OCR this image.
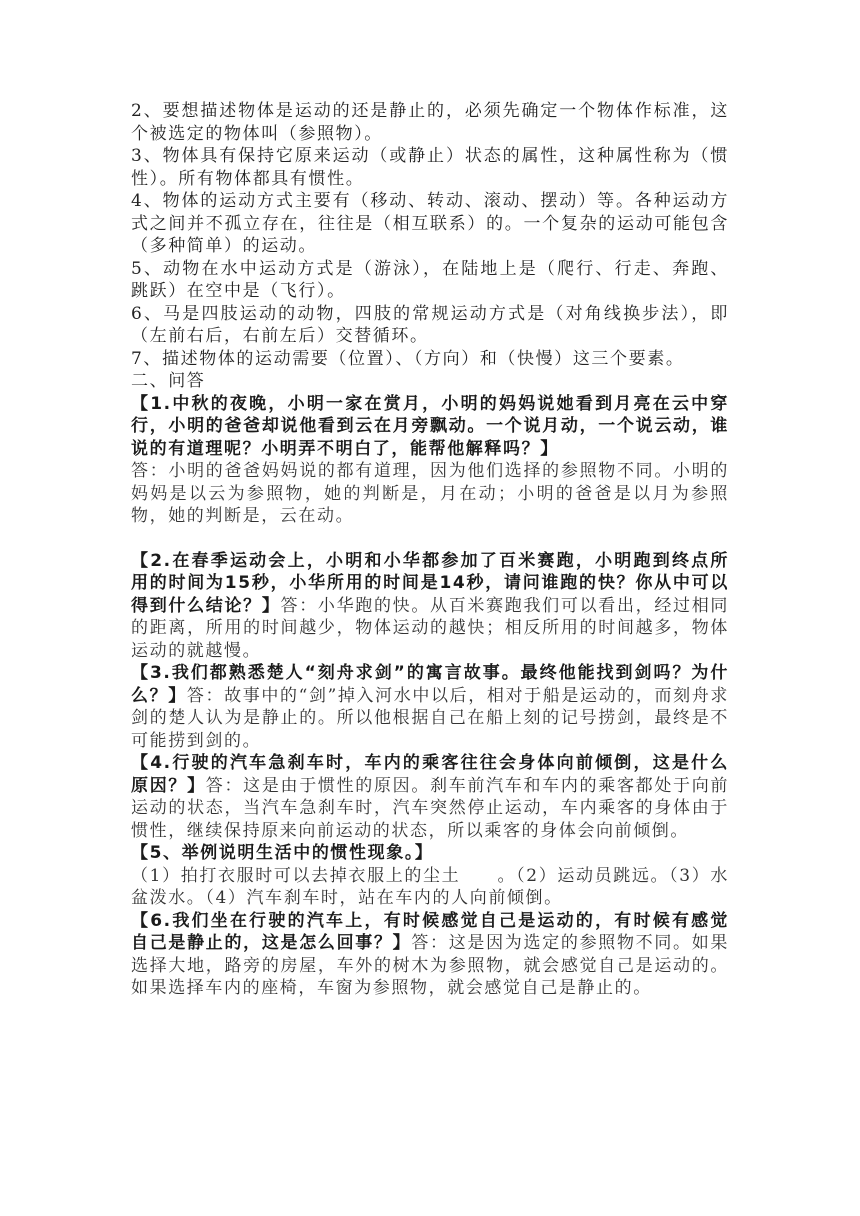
2、要想描述物体是运动的还是静止的，必须先确定一个物体作标准，这个被选定的物体叫（参照物）。

3、物体具有保持它原来运动（或静止）状态的属性，这种属性称为（惯性）。所有物体都具有惯性。

4、物体的运动方式主要有（移动、转动、滚动、摆动）等。各种运动方式之间并不孤立存在，往往是（相互联系）的。一个复杂的运动可能包含（多种简单）的运动。

5、动物在水中运动方式是（游泳），在陆地上是（爬行、行走、奔跑、跳跃）在空中是（飞行）。

6、马是四肢运动的动物，四肢的常规运动方式是（对角线换步法），即（左前右后，右前左后）交替循环。

7、描述物体的运动需要（位置）、（方向）和（快慢）这三个要素。

二、问答

【1.中秋的夜晚，小明一家在赏月，小明的妈妈说她看到月亮在云中穿行，小明的爸爸却说他看到云在月旁飘动。一个说月动，一个说云动，谁说的有道理呢？小明弄不明白了，能帮他解释吗？】
答：小明的爸爸妈妈说的都有道理，因为他们选择的参照物不同。小明的妈妈是以云为参照物，她的判断是，月在动；小明的爸爸是以月为参照物，她的判断是，云在动。

【2.在春季运动会上，小明和小华都参加了百米赛跑，小明跑到终点所用的时间为15秒，小华所用的时间是14秒，请问谁跑的快？你从中可以得到什么结论？】答：小华跑的快。从百米赛跑我们可以看出，经过相同的距离，所用的时间越少，物体运动的越快；相反所用的时间越多，物体运动的就越慢。

【3.我们都熟悉楚人“刻舟求剑”的寓言故事。最终他能找到剑吗？为什么？】答：故事中的“剑”掉入河水中以后，相对于船是运动的，而刻舟求剑的楚人认为是静止的。所以他根据自己在船上刻的记号捞剑，最终是不可能捞到剑的。

【4.行驶的汽车急刹车时，车内的乘客往往会身体向前倾倒，这是什么原因？】答：这是由于惯性的原因。刹车前汽车和车内的乘客都处于向前运动的状态，当汽车急刹车时，汽车突然停止运动，车内乘客的身体由于惯性，继续保持原来向前运动的状态，所以乘客的身体会向前倾倒。

【5、举例说明生活中的惯性现象。】
（1）拍打衣服时可以去掉衣服上的尘土　　。（2）运动员跳远。（3）水盆泼水。（4）汽车刹车时，站在车内的人向前倾倒。

【6.我们坐在行驶的汽车上，有时候感觉自己是运动的，有时候有感觉自己是静止的，这是怎么回事？】答：这是因为选定的参照物不同。如果选择大地，路旁的房屋，车外的树木为参照物，就会感觉自己是运动的。如果选择车内的座椅，车窗为参照物，就会感觉自己是静止的。
